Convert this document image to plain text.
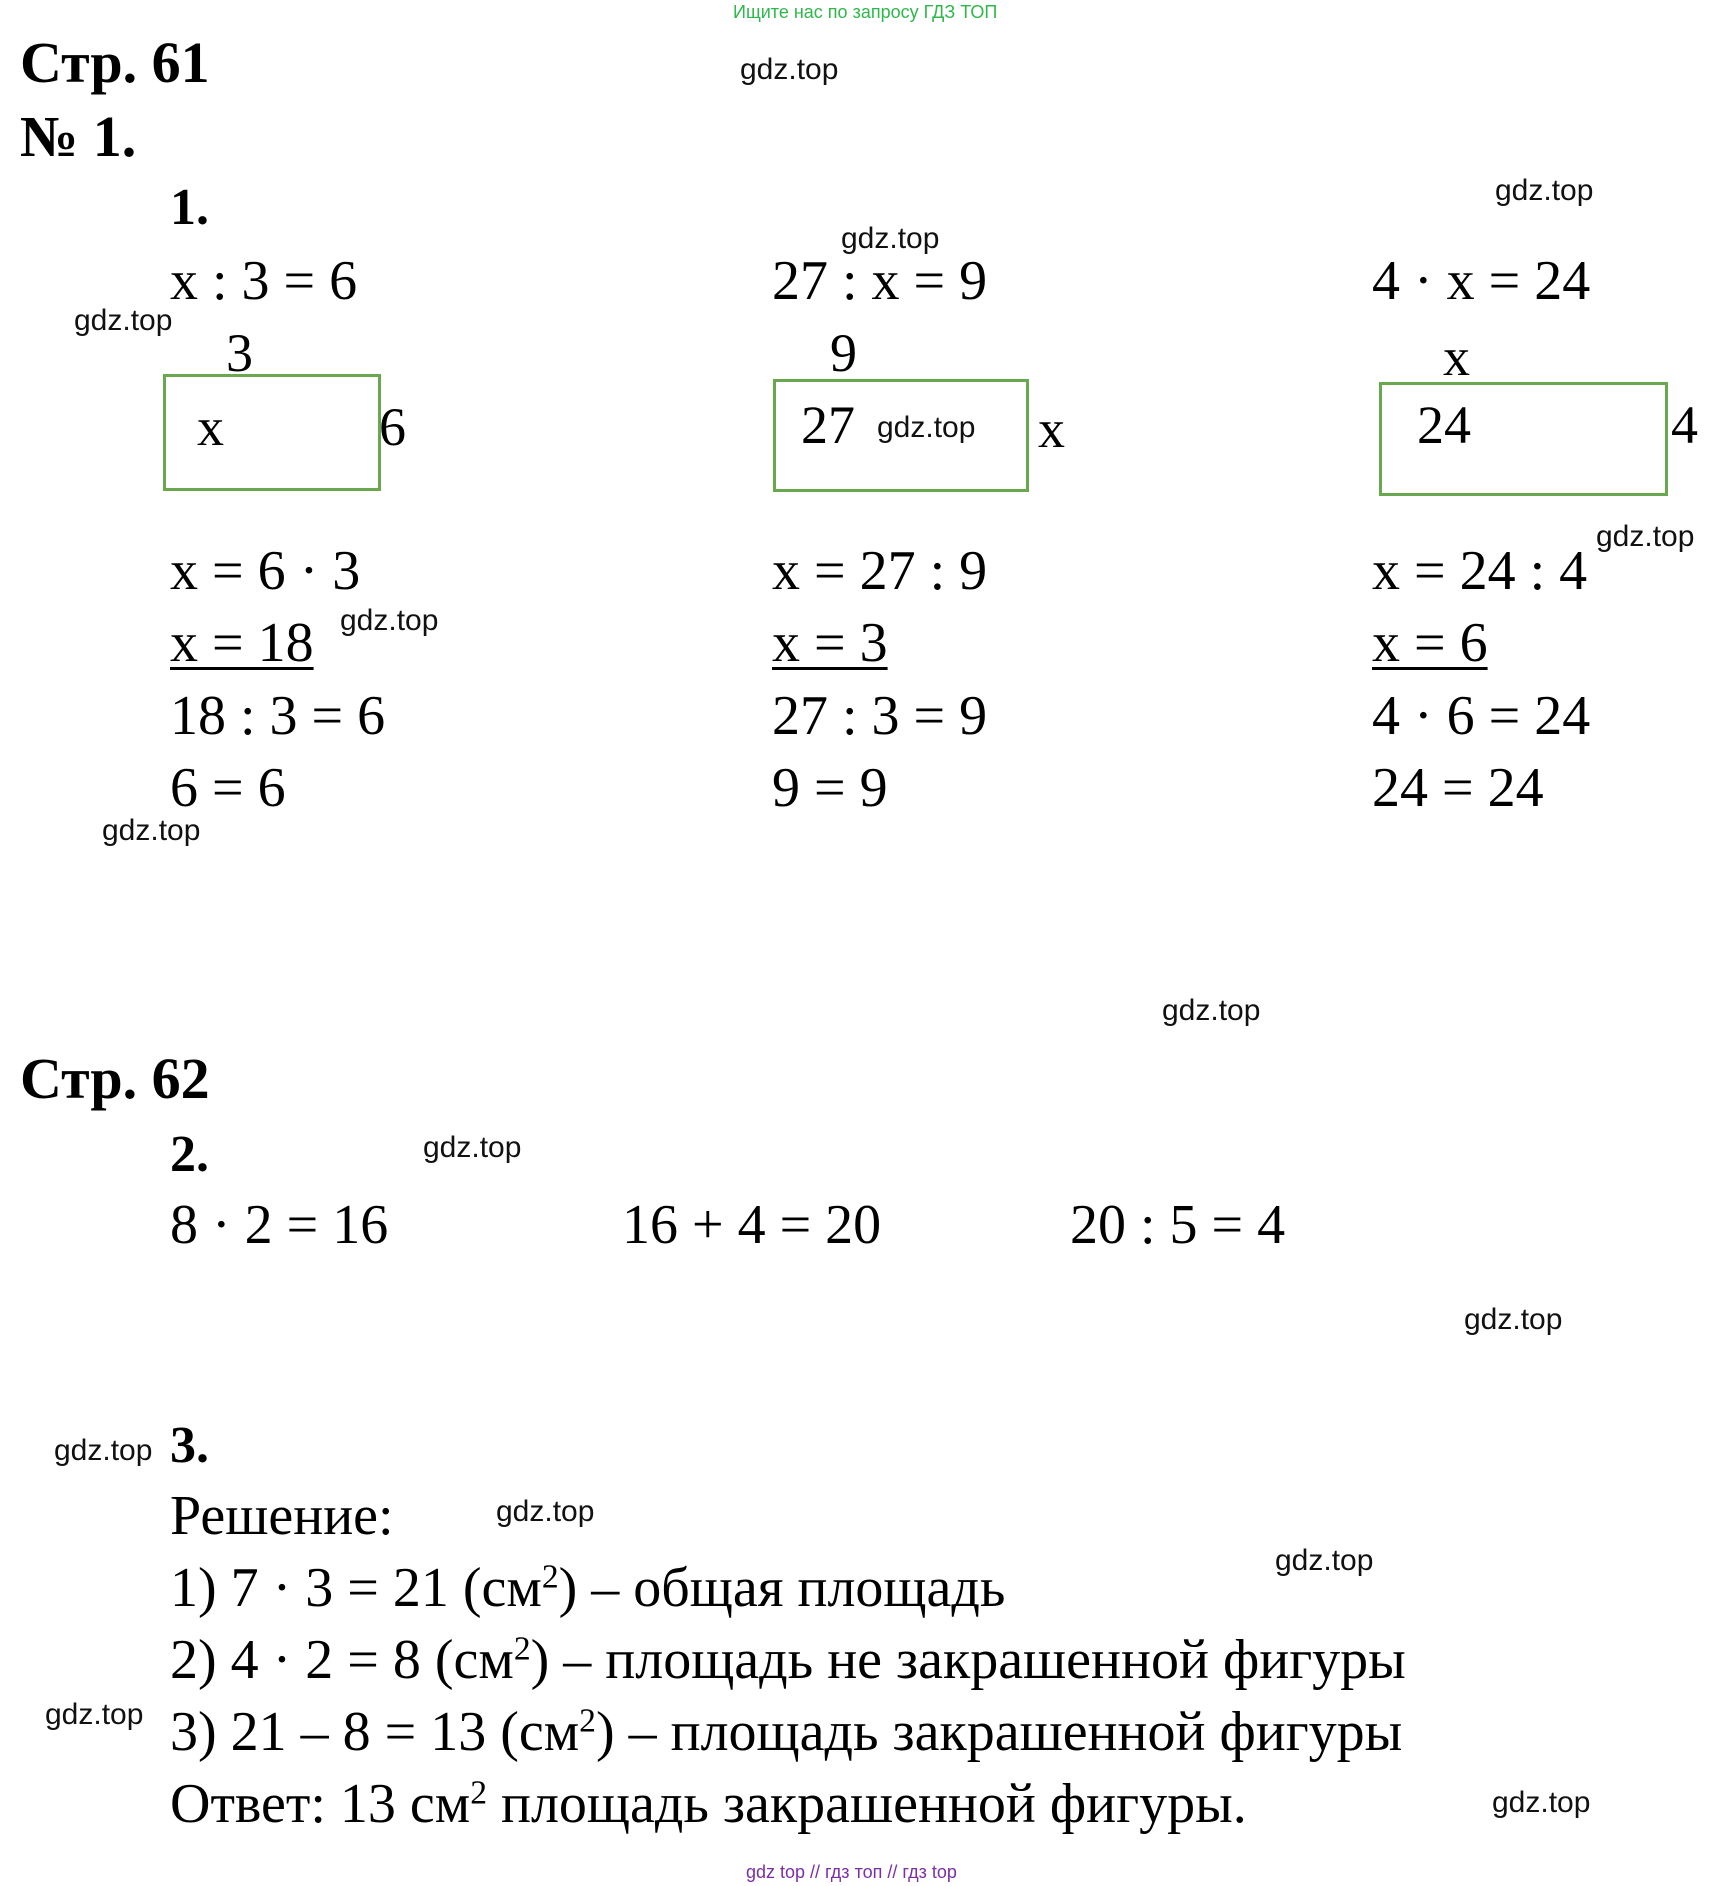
Ищите нас по запросу ГДЗ ТОП
gdz.top
gdz.top
gdz.top
gdz.top
gdz.top
gdz.top
gdz.top
gdz.top
gdz.top
gdz.top
gdz.top
gdz.top
gdz.top
gdz.top
gdz.top
Стр. 61
№ 1.
1.
x : 3 = 6
3
x	6
x = 6 · 3
x = 18
18 : 3 = 6
6 = 6
27 : x = 9
9
27	x
gdz.top
x = 27 : 9
x = 3
27 : 3 = 9
9 = 9
4 · x = 24
x
24	4
x = 24 : 4
x = 6
4 · 6 = 24
24 = 24
Стр. 62
2.
8 · 2 = 16	16 + 4 = 20	20 : 5 = 4
3.
Решение:
1) 7 · 3 = 21 $(см^2)$ – общая площадь
2) 4 · 2 = 8 $(см^2)$ – площадь не закрашенной фигуры
3) 21 – 8 = 13 $(см^2)$ – площадь закрашенной фигуры
Ответ: 13 $см^2$ площадь закрашенной фигуры.
gdz top // гдз топ // гдз top
